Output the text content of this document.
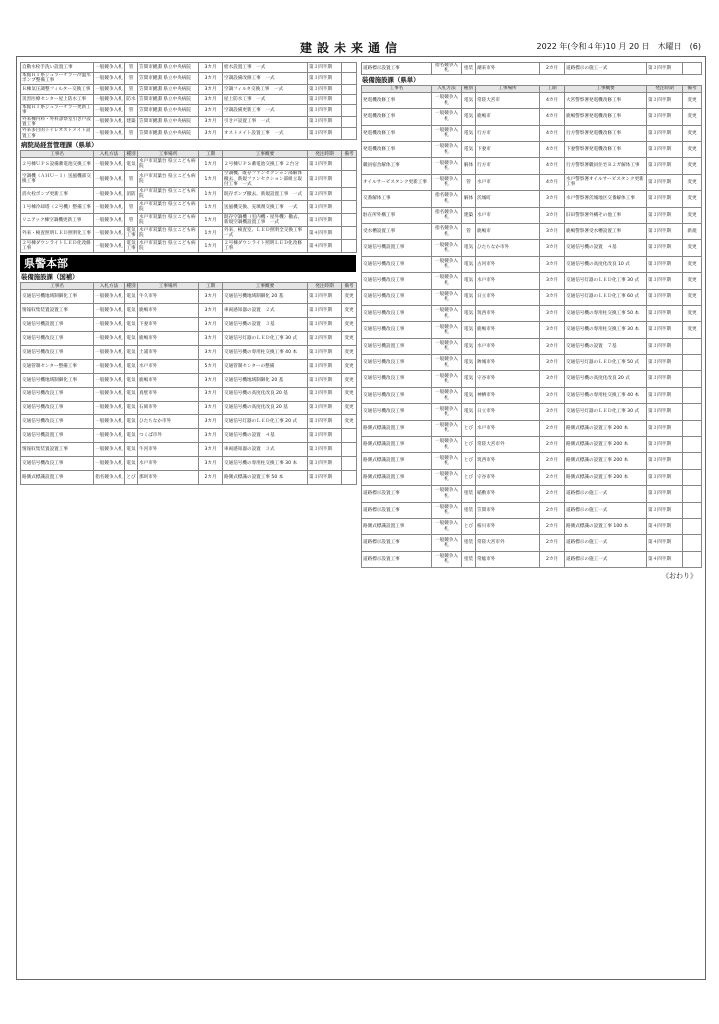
建設未来通信	2022 年(令和４年)10 月 20 日　木曜日　(6)
自動水栓手洗い設置工事	一般競争入札	管	笠間市鯉淵 県立中央病院	3カ月	給水設置工事　一式	第３四半期	
本館ＲＩ系ジュラーチラー冷温水ポンプ整備工事	一般競争入札	管	笠間市鯉淵 県立中央病院	3カ月	空調設備改修工事　一式	第３四半期	
Ｒ棟気圧調整フィルター交換工事	一般競争入札	管	笠間市鯉淵 県立中央病院	3カ月	空調フィルタ交換工事　一式	第３四半期	
災害医療センター屋上防水工事	一般競争入札	防水	笠間市鯉淵 県立中央病院	3カ月	屋上防水工事　一式	第３四半期	
本館ＲＩ系ジュラーチラー更新工事	一般競争入札	管	笠間市鯉淵 県立中央病院	3カ月	空調設備更新工事　一式	第３四半期	
外来棟内科・外科診察室引き戸設置工事	一般競争入札	建築	笠間市鯉淵 県立中央病院	3カ月	引き戸設置工事　一式	第３四半期	
外来多目的トイレオストメイト設置工事	一般競争入札	管	笠間市鯉淵 県立中央病院	3カ月	オストメイト設置工事　一式	第３四半期	
病院局経営管理課（県単）
工事名	入札方法	種別	工事場所	工期	工事概要	発注時期	備考
２号棟ＵＰＳ設備蓄電池交換工事	一般競争入札	電気	水戸市双葉台 県立こども病院	1カ月	２号棟ＵＰＳ蓄電池交換工事 ２台分	第３四半期	
空調機（ＡＨＵ－１）送風機部交換工事	一般競争入札	管	水戸市双葉台 県立こども病院	1カ月	空調機、既存ファンセクション部解体撤去、新規ファンセクション部組立取付工事　一式	第３四半期	
消火栓ポンプ更新工事	一般競争入札	消防	水戸市双葉台 県立こども病院	1カ月	既存ポンプ撤去、新規設置工事　一式	第３四半期	
１号棟冷却塔（２号機）整備工事	一般競争入札	管	水戸市双葉台 県立こども病院	1カ月	送風機交換、充填剤交換工事　一式	第３四半期	
リニアック棟空調機更新工事	一般競争入札	管	水戸市双葉台 県立こども病院	1カ月	既存空調機（室内機・屋外機）撤去、新規空調機設置工事　一式	第３四半期	
外来・検査照明ＬＥＤ照明化工事	一般競争入札	電気工事	水戸市双葉台 県立こども病院	1カ月	外来、検査室、ＬＥＤ照明全交換工事　一式	第４四半期	
２号棟ダウンライトＬＥＤ化改修工事	一般競争入札	電気工事	水戸市双葉台 県立こども病院	1カ月	２号棟ダウンライト照明ＬＥＤ化改修工事	第４四半期	
県警本部
装備施設課（国補）
工事名	入札方法	種別	工事場所	工期	工事概要	発注時期	備考
交通信号機地域制御化工事	一般競争入札	電気	牛久市外	3カ月	交通信号機地域制御化 20 基	第３四半期	変更
情報収集装置設置工事	一般競争入札	電気	鹿嶋市外	3カ月	車両感知器の設置　２式	第３四半期	変更
交通信号機設置工事	一般競争入札	電気	下妻市外	3カ月	交通信号機の設置　３基	第３四半期	変更
交通信号機改良工事	一般競争入札	電気	鹿嶋市外	3カ月	交通信号灯器のＬＥＤ化工事 30 式	第３四半期	変更
交通信号機改良工事	一般競争入札	電気	土浦市外	3カ月	交通信号機の専用柱交換工事 40 本	第３四半期	変更
交通管制センター整備工事	一般競争入札	電気	水戸市外	5カ月	交通管制センターの整備	第３四半期	変更
交通信号機地域制御化工事	一般競争入札	電気	鹿嶋市外	3カ月	交通信号機地域制御化 20 基	第３四半期	変更
交通信号機改良工事	一般競争入札	電気	真壁市外	3カ月	交通信号機の高度化改良 20 基	第３四半期	変更
交通信号機改良工事	一般競争入札	電気	石岡市外	3カ月	交通信号機の高度化改良 20 基	第３四半期	変更
交通信号機改良工事	一般競争入札	電気	ひたちなか市外	3カ月	交通信号灯器のＬＥＤ化工事 20 式	第３四半期	変更
交通信号機設置工事	一般競争入札	電気	つくば市外	3カ月	交通信号機の設置　４基	第３四半期	
情報収集装置設置工事	一般競争入札	電気	牛河市外	3カ月	車両感知器の設置　３式	第３四半期	
交通信号機改良工事	一般競争入札	電気	水戸市外	3カ月	交通信号機の専用柱交換工事 30 本	第３四半期	
路側式標識設置工事	指名競争入札	とび	那珂市外	2カ月	路側式標識の設置工事 50 本	第３四半期	
道路標示設置工事	指名競争入札	塗装	潮来市外	2カ月	道路標示の施工一式	第３四半期	
装備施設課（県単）
工事名	入札方法	種別	工事場所	工期	工事概要	発注時期	備考
発電機改修工事	一般競争入札	電気	常陸大宮市	4カ月	大宮警察署発電機改修工事	第３四半期	変更
発電機改修工事	一般競争入札	電気	鹿嶋市	4カ月	鹿嶋警察署発電機改修工事	第３四半期	変更
発電機改修工事	一般競争入札	電気	行方市	4カ月	行方警察署発電機改修工事	第３四半期	変更
発電機改修工事	一般競争入札	電気	下妻市	4カ月	下妻警察署発電機改修工事	第３四半期	変更
職員宿舎解体工事	一般競争入札	解体	行方市	4カ月	行方警察署職員住宅Ｂ２ガ解体工事	第３四半期	変更
オイルサービスタンク更新工事	一般競争入札	管	水戸市	4カ月	水戸警察署オイルサービスタンク更新工事	第３四半期	変更
交番解体工事	指名競争入札	解体	茨城町	3カ月	水戸警察署茨城地区交番解体工事	第３四半期	変更
駐在所外構工事	指名競争入札	建築	水戸市	3カ月	旧田警察署外構その他工事	第３四半期	変更
受水槽設置工事	指名競争入札	管	鹿嶋市	3カ月	鹿嶋警察署受水槽設置工事	第３四半期	新規
交通信号機設置工事	一般競争入札	電気	ひたちなか市外	3カ月	交通信号機の設置　４基	第３四半期	変更
交通信号機改良工事	一般競争入札	電気	古河市外	3カ月	交通信号機の高度化改良 10 式	第３四半期	変更
交通信号機改良工事	一般競争入札	電気	水戸市外	3カ月	交通信号灯器のＬＥＤ化工事 30 式	第３四半期	変更
交通信号機改良工事	一般競争入札	電気	日立市外	3カ月	交通信号灯器のＬＥＤ化工事 60 式	第３四半期	変更
交通信号機改良工事	一般競争入札	電気	筑西市外	3カ月	交通信号機の専用柱交換工事 50 本	第３四半期	変更
交通信号機改良工事	一般競争入札	電気	鹿嶋市外	3カ月	交通信号機の専用柱交換工事 30 本	第３四半期	変更
交通信号機設置工事	一般競争入札	電気	水戸市外	3カ月	交通信号機の設置　７基	第３四半期	
交通信号機改良工事	一般競争入札	電気	鉾城市外	3カ月	交通信号灯器のＬＥＤ化工事 50 式	第３四半期	
交通信号機改良工事	一般競争入札	電気	守谷市外	3カ月	交通信号機の高度化改良 20 式	第３四半期	
交通信号機改良工事	一般競争入札	電気	神栖市外	3カ月	交通信号機の専用柱交換工事 40 本	第３四半期	
交通信号機改良工事	一般競争入札	電気	日立市外	3カ月	交通信号灯器のＬＥＤ化工事 30 式	第３四半期	
路側式標識設置工事	一般競争入札	とび	水戸市外	2カ月	路側式標識の設置工事 200 本	第３四半期	
路側式標識設置工事	一般競争入札	とび	常陸大宮市外	2カ月	路側式標識の設置工事 200 本	第３四半期	
路側式標識設置工事	一般競争入札	とび	筑西市外	2カ月	路側式標識の設置工事 200 本	第３四半期	
路側式標識設置工事	一般競争入札	とび	守谷市外	2カ月	路側式標識の設置工事 200 本	第３四半期	
道路標示設置工事	一般競争入札	塗装	稲敷市外	2カ月	道路標示の施工一式	第３四半期	
道路標示設置工事	一般競争入札	塗装	笠間市外	2カ月	道路標示の施工一式	第３四半期	
路側式標識設置工事	一般競争入札	とび	桜川市外	2カ月	路側式標識の設置工事 100 本	第４四半期	
道路標示設置工事	一般競争入札	塗装	常陸大宮市外	2カ月	道路標示の施工一式	第４四半期	
道路標示設置工事	一般競争入札	塗装	常総市外	2カ月	道路標示の施工一式	第４四半期	
《おわり》
